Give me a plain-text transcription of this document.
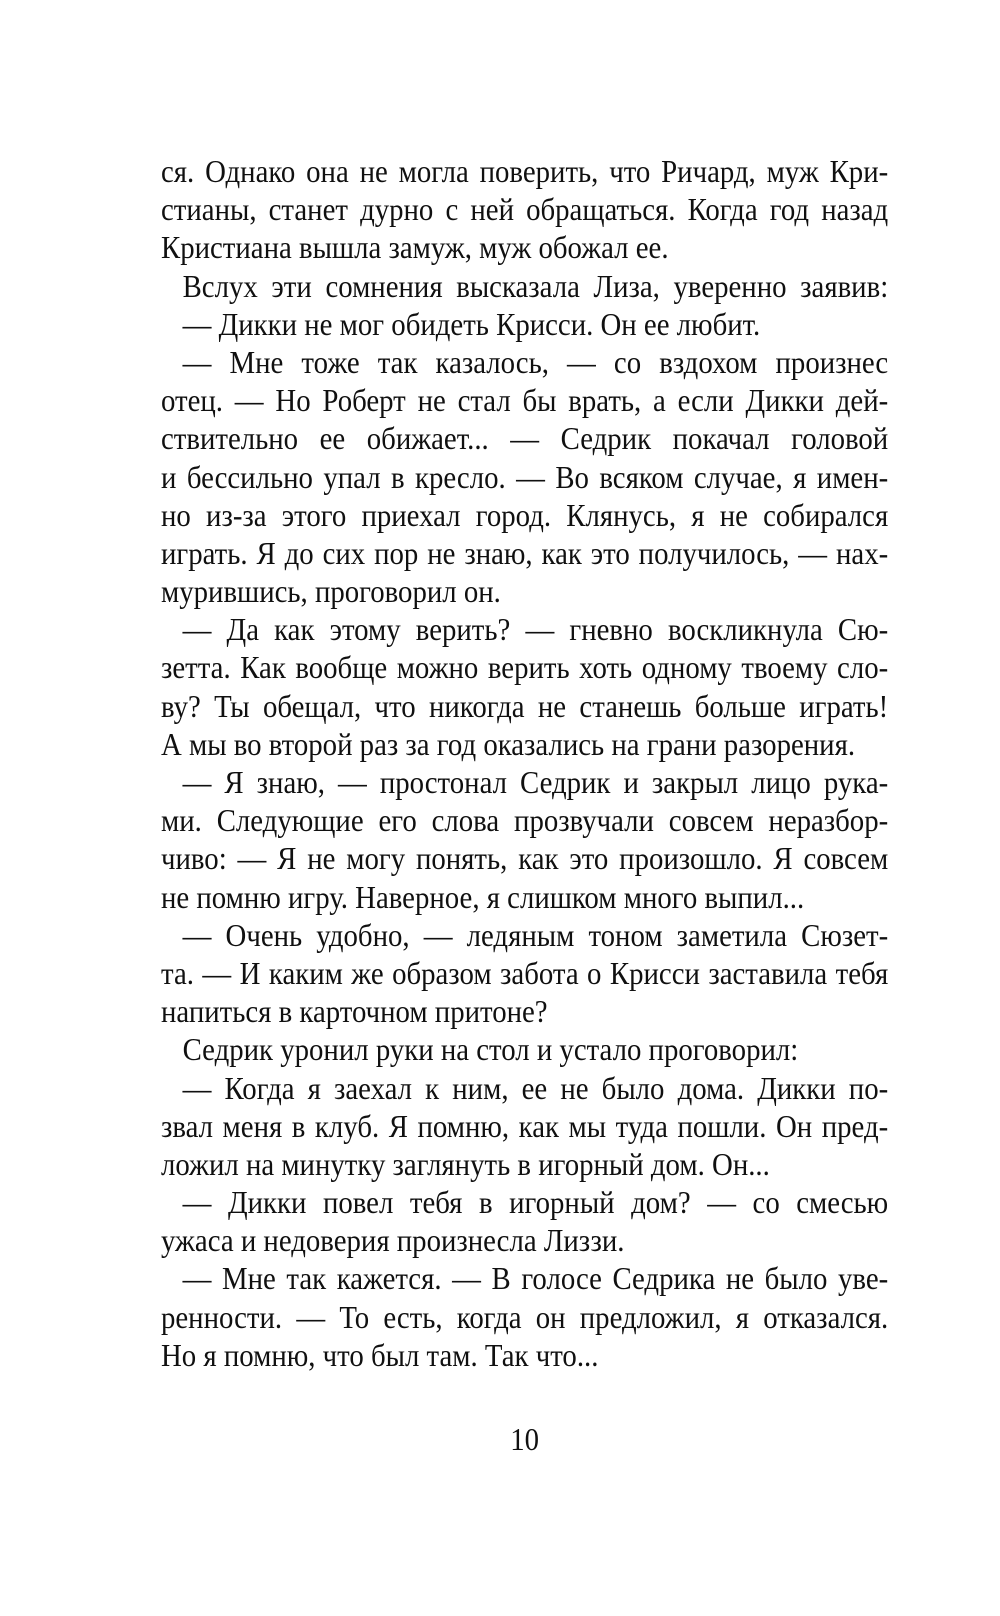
ся. Однако она не могла поверить, что Ричард, муж Кри-
стианы, станет дурно с ней обращаться. Когда год назад
Кристиана вышла замуж, муж обожал ее.

Вслух эти сомнения высказала Лиза, уверенно заявив:

— Дикки не мог обидеть Крисси. Он ее любит.

— Мне тоже так казалось, — со вздохом произнес
отец. — Но Роберт не стал бы врать, а если Дикки дей-
ствительно ее обижает... — Седрик покачал головой
и бессильно упал в кресло. — Во всяком случае, я имен-
но из-за этого приехал город. Клянусь, я не собирался
играть. Я до сих пор не знаю, как это получилось, — нах-
мурившись, проговорил он.

— Да как этому верить? — гневно воскликнула Сю-
зетта. Как вообще можно верить хоть одному твоему сло-
ву? Ты обещал, что никогда не станешь больше играть!
А мы во второй раз за год оказались на грани разорения.

— Я знаю, — простонал Седрик и закрыл лицо рука-
ми. Следующие его слова прозвучали совсем неразбор-
чиво: — Я не могу понять, как это произошло. Я совсем
не помню игру. Наверное, я слишком много выпил...

— Очень удобно, — ледяным тоном заметила Сюзет-
та. — И каким же образом забота о Крисси заставила тебя
напиться в карточном притоне?

Седрик уронил руки на стол и устало проговорил:

— Когда я заехал к ним, ее не было дома. Дикки по-
звал меня в клуб. Я помню, как мы туда пошли. Он пред-
ложил на минутку заглянуть в игорный дом. Он...

— Дикки повел тебя в игорный дом? — со смесью
ужаса и недоверия произнесла Лиззи.

— Мне так кажется. — В голосе Седрика не было уве-
ренности. — То есть, когда он предложил, я отказался.
Но я помню, что был там. Так что...

10
